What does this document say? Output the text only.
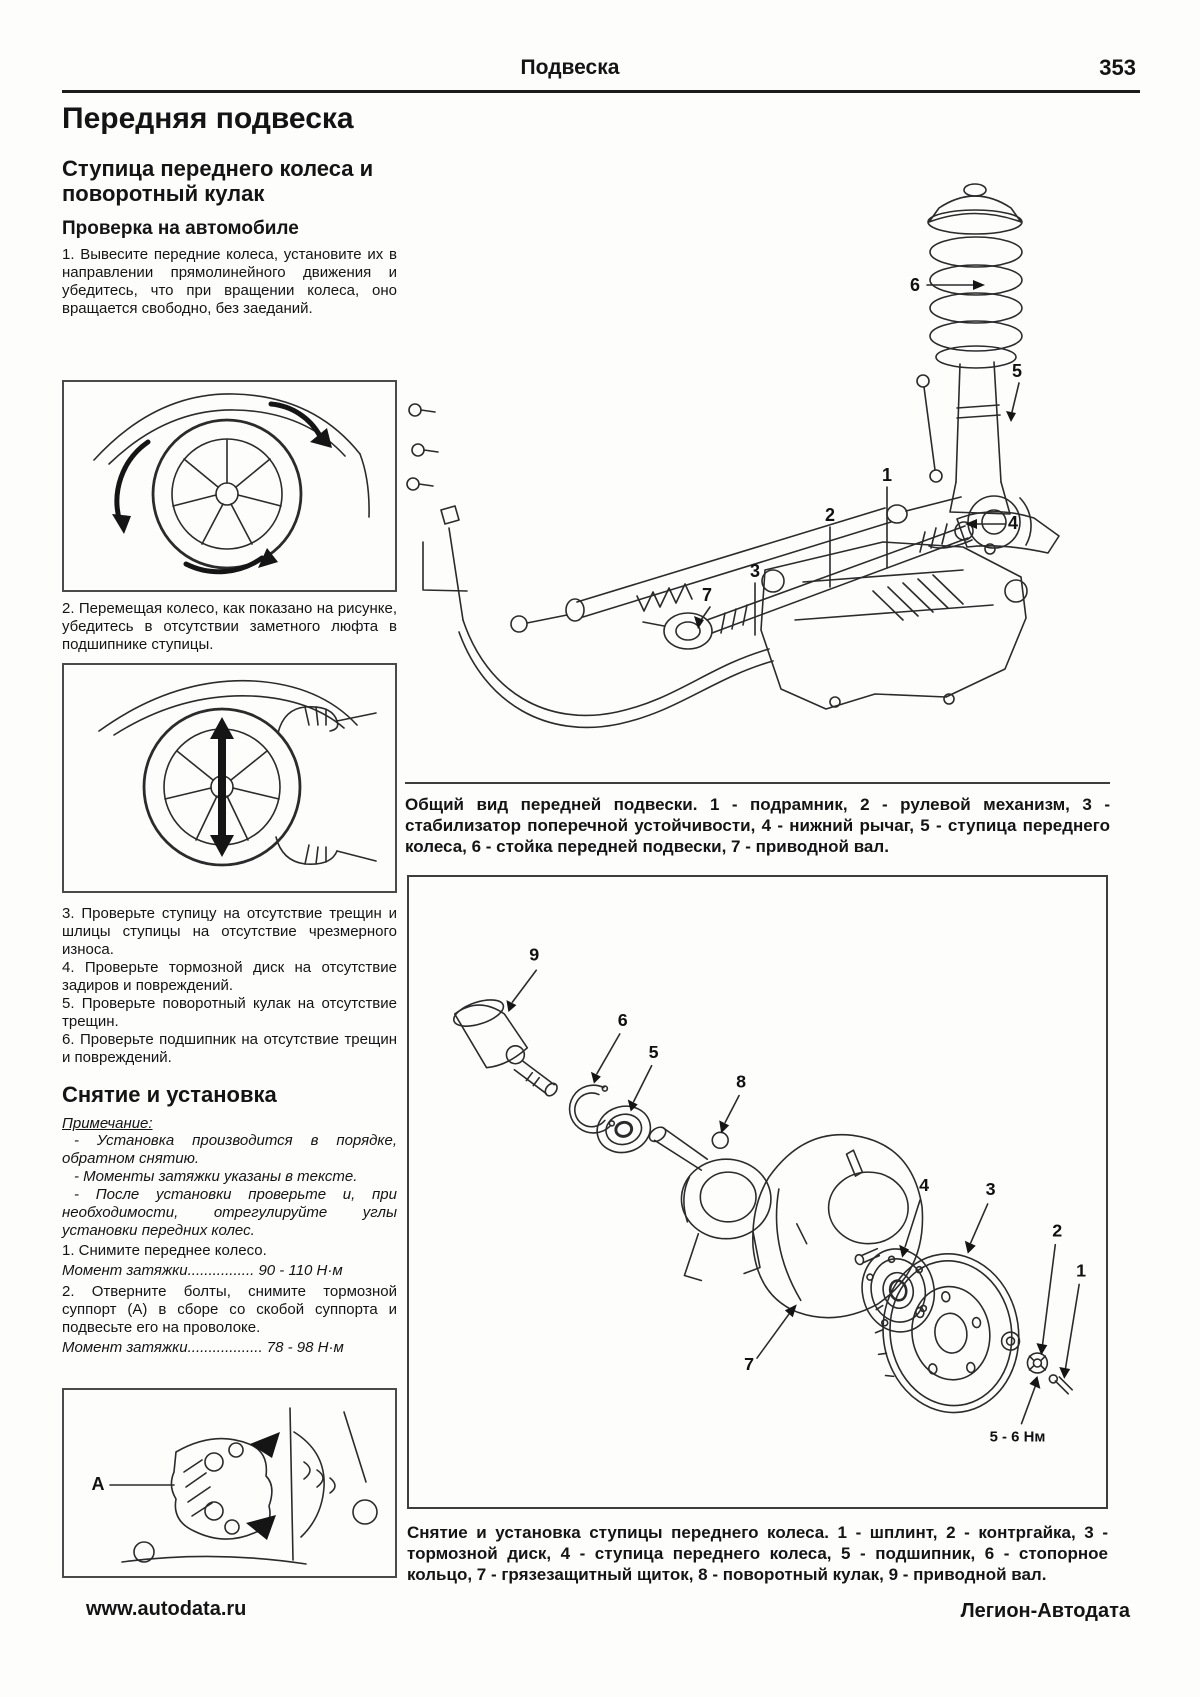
Подвеска	353
Передняя подвеска
Ступица переднего колеса и поворотный кулак
Проверка на автомобиле

1. Вывесите передние колеса, установите их в направлении прямолинейного движения и убедитесь, что при вращении колеса, оно вращается свободно, без заеданий.

2. Перемещая колесо, как показано на рисунке, убедитесь в отсутствии заметного люфта в подшипнике ступицы.

3. Проверьте ступицу на отсутствие трещин и шлицы ступицы на отсутствие чрезмерного износа.

4. Проверьте тормозной диск на отсутствие задиров и повреждений.

5. Проверьте поворотный кулак на отсутствие трещин.

6. Проверьте подшипник на отсутствие трещин и повреждений.

Снятие и установка
Примечание:

- Установка производится в порядке, обратном снятию.

- Моменты затяжки указаны в тексте.

- После установки проверьте и, при необходимости, отрегулируйте углы установки передних колес.

1. Снимите переднее колесо.

Момент затяжки................ 90 - 110 Н·м

2. Отверните болты, снимите тормозной суппорт (А) в сборе со скобой суппорта и подвесьте его на проволоке.

Момент затяжки.................. 78 - 98 Н·м

A
6
5
1
2
3
7
4

Общий вид передней подвески. 1 - подрамник, 2 - рулевой механизм, 3 - стабилизатор поперечной устойчивости, 4 - нижний рычаг, 5 - ступица переднего колеса, 6 - стойка передней подвески, 7 - приводной вал.

9
6
5
8
7
4	3
2
1
5 - 6 Нм

Снятие и установка ступицы переднего колеса. 1 - шплинт, 2 - контргайка, 3 - тормозной диск, 4 - ступица переднего колеса, 5 - подшипник, 6 - стопорное кольцо, 7 - грязезащитный щиток, 8 - поворотный кулак, 9 - приводной вал.

www.autodata.ru	Легион-Автодата
